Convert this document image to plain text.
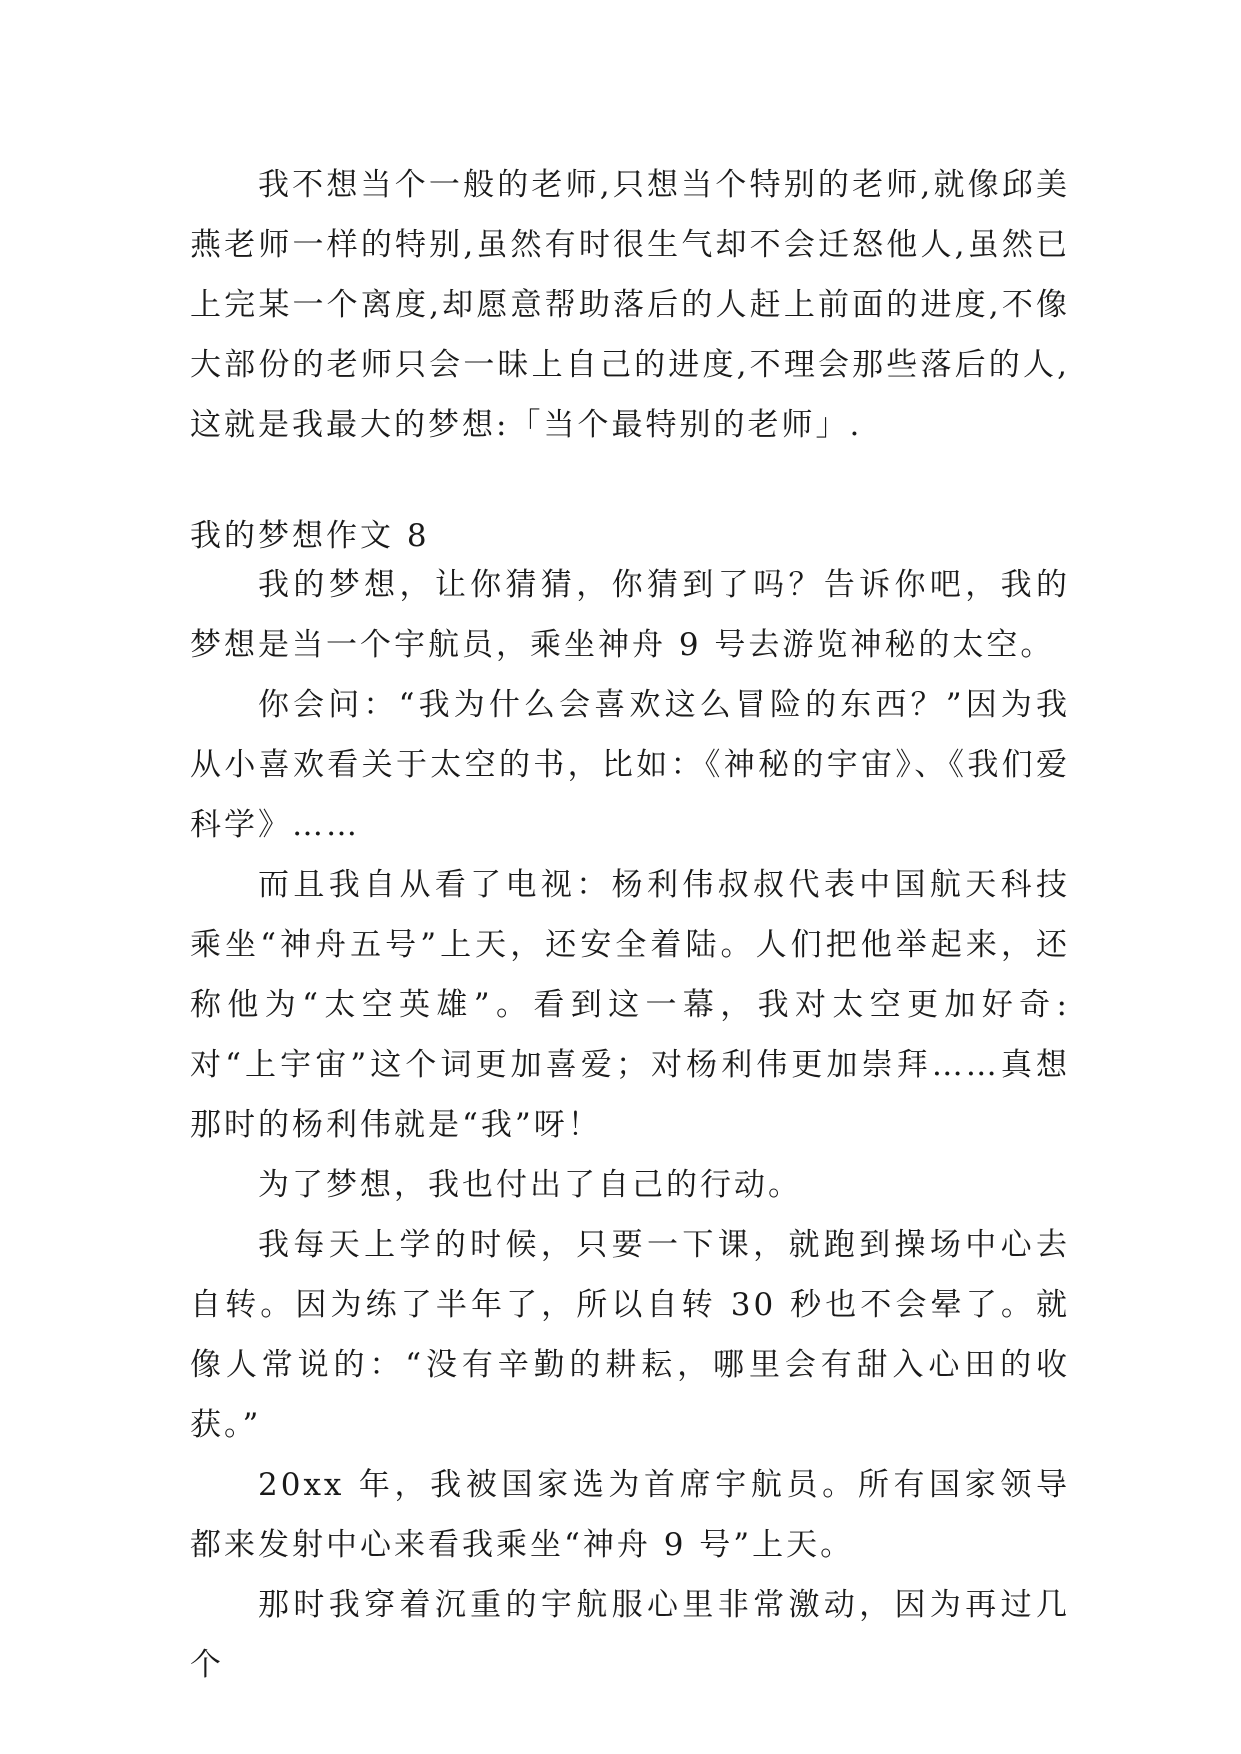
我不想当个一般的老师,只想当个特别的老师,就像邱美燕老师一样的特别,虽然有时很生气却不会迁怒他人,虽然已上完某一个离度,却愿意帮助落后的人赶上前面的进度,不像大部份的老师只会一昧上自己的进度,不理会那些落后的人,这就是我最大的梦想:「当个最特别的老师」.

我的梦想作文 8

我的梦想，让你猜猜，你猜到了吗？告诉你吧，我的梦想是当一个宇航员，乘坐神舟 9 号去游览神秘的太空。

你会问：“我为什么会喜欢这么冒险的东西？”因为我从小喜欢看关于太空的书，比如：《神秘的宇宙》、《我们爱科学》……

而且我自从看了电视：杨利伟叔叔代表中国航天科技乘坐“神舟五号”上天，还安全着陆。人们把他举起来，还称他为“太空英雄”。看到这一幕，我对太空更加好奇: 对“上宇宙”这个词更加喜爱；对杨利伟更加崇拜……真想那时的杨利伟就是“我”呀！

为了梦想，我也付出了自己的行动。

我每天上学的时候，只要一下课，就跑到操场中心去自转。因为练了半年了，所以自转 30 秒也不会晕了。就像人常说的：“没有辛勤的耕耘，哪里会有甜入心田的收获。”

20xx 年，我被国家选为首席宇航员。所有国家领导都来发射中心来看我乘坐“神舟 9 号”上天。

那时我穿着沉重的宇航服心里非常激动，因为再过几个
